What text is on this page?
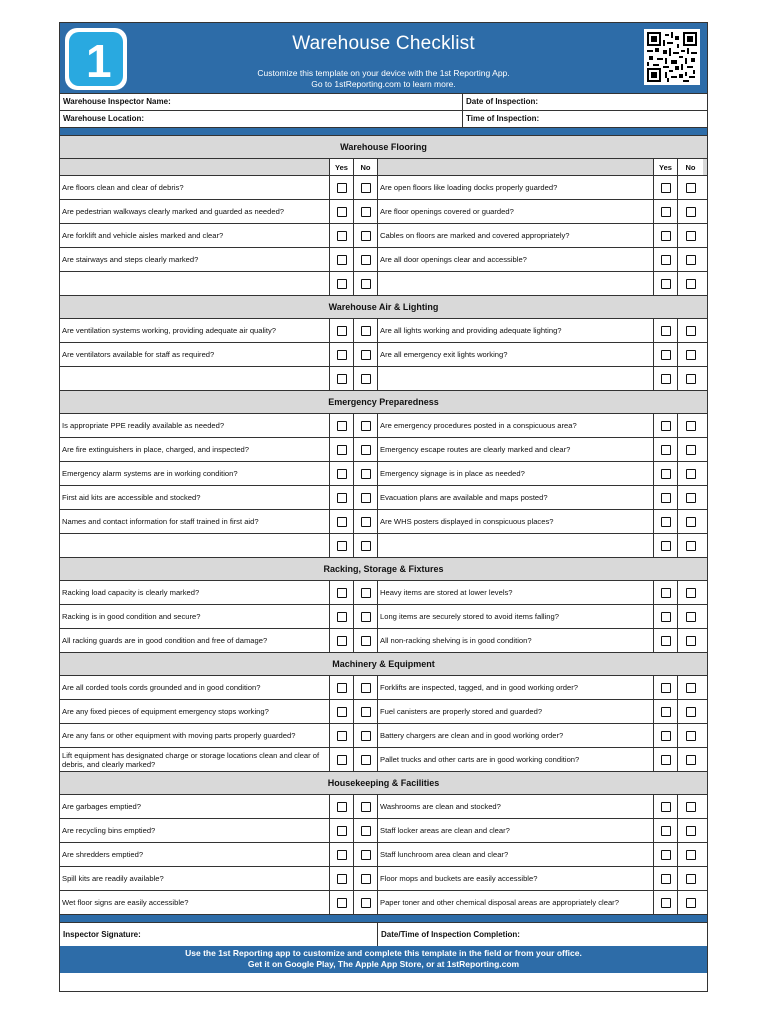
1	Warehouse Checklist
Customize this template on your device with the 1st Reporting App.
Go to 1stReporting.com to learn more.
Warehouse Inspector Name:	Date of Inspection:
Warehouse Location:	Time of Inspection:
Warehouse Flooring
Yes	No	Yes	No
Are floors clean and clear of debris?	Are open floors like loading docks properly guarded?
Are pedestrian walkways clearly marked and guarded as needed?	Are floor openings covered or guarded?
Are forklift and vehicle aisles marked and clear?	Cables on floors are marked and covered appropriately?
Are stairways and steps clearly marked?	Are all door openings clear and accessible?
Warehouse Air & Lighting
Are ventilation systems working, providing adequate air quality?	Are all lights working and providing adequate lighting?
Are ventilators available for staff as required?	Are all emergency exit lights working?
Emergency Preparedness
Is appropriate PPE readily available as needed?	Are emergency procedures posted in a conspicuous area?
Are fire extinguishers in place, charged, and inspected?	Emergency escape routes are clearly marked and clear?
Emergency alarm systems are in working condition?	Emergency signage is in place as needed?
First aid kits are accessible and stocked?	Evacuation plans are available and maps posted?
Names and contact information for staff trained in first aid?	Are WHS posters displayed in conspicuous places?
Racking, Storage & Fixtures
Racking load capacity is clearly marked?	Heavy items are stored at lower levels?
Racking is in good condition and secure?	Long items are securely stored to avoid items falling?
All racking guards are in good condition and free of damage?	All non-racking shelving is in good condition?
Machinery & Equipment
Are all corded tools cords grounded and in good condition?	Forklifts are inspected, tagged, and in good working order?
Are any fixed pieces of equipment emergency stops working?	Fuel canisters are properly stored and guarded?
Are any fans or other equipment with moving parts properly guarded?	Battery chargers are clean and in good working order?
Lift equipment has designated charge or storage locations clean and clear of debris, and clearly marked?	Pallet trucks and other carts are in good working condition?
Housekeeping & Facilities
Are garbages emptied?	Washrooms are clean and stocked?
Are recycling bins emptied?	Staff locker areas are clean and clear?
Are shredders emptied?	Staff lunchroom area clean and clear?
Spill kits are readily available?	Floor mops and buckets are easily accessible?
Wet floor signs are easily accessible?	Paper toner and other chemical disposal areas are appropriately clear?
Inspector Signature:	Date/Time of Inspection Completion:
Use the 1st Reporting app to customize and complete this template in the field or from your office.
Get it on Google Play, The Apple App Store, or at 1stReporting.com
